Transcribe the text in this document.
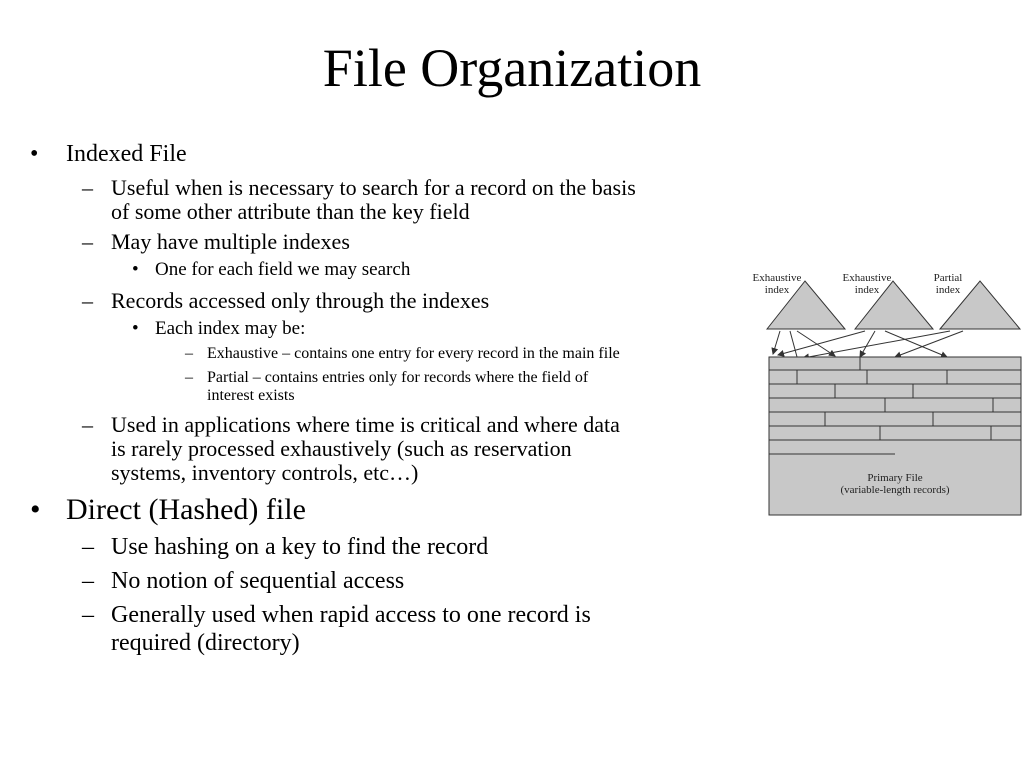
File Organization
• Indexed File
– Useful when is necessary to search for a record on the basis
of some other attribute than the key field
– May have multiple indexes
• One for each field we may search
– Records accessed only through the indexes
• Each index may be:
– Exhaustive – contains one entry for every record in the main file
– Partial – contains entries only for records where the field of
interest exists
– Used in applications where time is critical and where data
is rarely processed exhaustively (such as reservation
systems, inventory controls, etc…)
• Direct (Hashed) file
– Use hashing on a key to find the record
– No notion of sequential access
– Generally used when rapid access to one record is
required (directory)
Exhaustive
index
Exhaustive
index
Partial
index
Primary File
(variable-length records)
